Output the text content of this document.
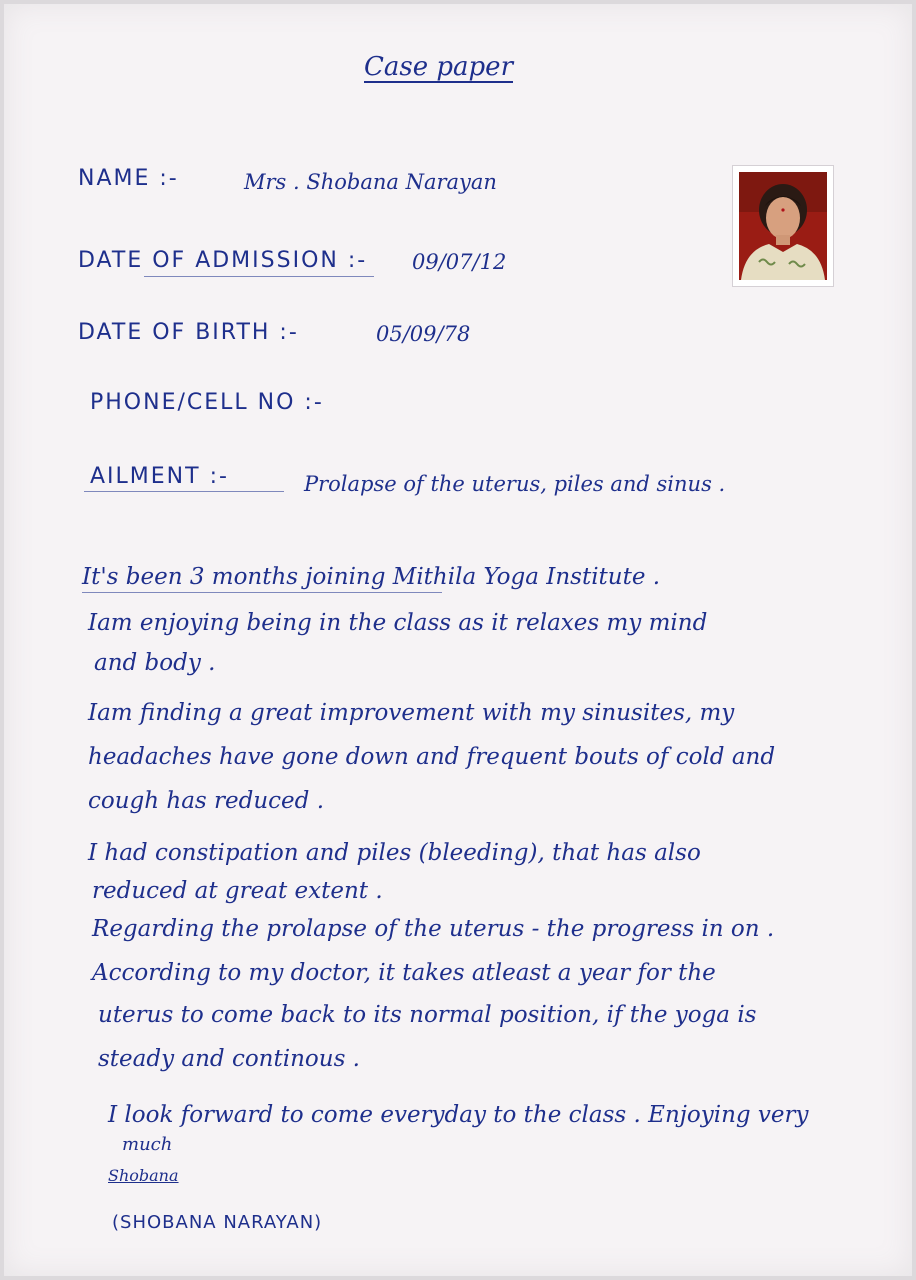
Case paper
NAME :-	Mrs . Shobana Narayan
DATE OF ADMISSION :- 09/07/12
DATE OF BIRTH :-	05/09/78
PHONE/CELL NO :-
AILMENT :-	Prolapse of the uterus, piles and sinus .
It's been 3 months joining Mithila Yoga Institute .
Iam enjoying being in the class as it relaxes my mind
and body .
Iam finding a great improvement with my sinusites, my
headaches have gone down and frequent bouts of cold and
cough has reduced .
I had constipation and piles (bleeding), that has also
reduced at great extent .
Regarding the prolapse of the uterus - the progress in on .
According to my doctor, it takes atleast a year for the
uterus to come back to its normal position, if the yoga is
steady and continous .
I look forward to come everyday to the class . Enjoying very
much
Shobana
(SHOBANA NARAYAN)
